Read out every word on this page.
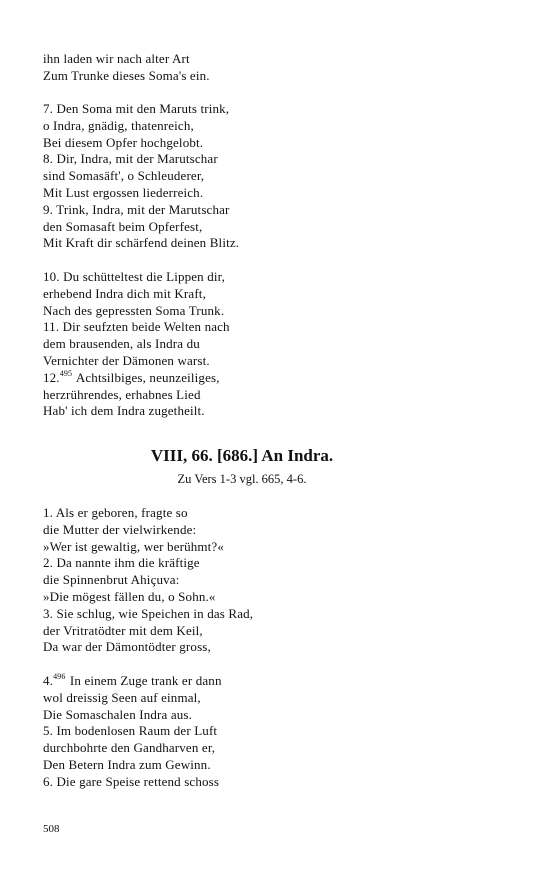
ihn laden wir nach alter Art
Zum Trunke dieses Soma's ein.
7. Den Soma mit den Maruts trink,
o Indra, gnädig, thatenreich,
Bei diesem Opfer hochgelobt.
8. Dir, Indra, mit der Marutschar
sind Somasäft', o Schleuderer,
Mit Lust ergossen liederreich.
9. Trink, Indra, mit der Marutschar
den Somasaft beim Opferfest,
Mit Kraft dir schärfend deinen Blitz.
10. Du schütteltest die Lippen dir,
erhebend Indra dich mit Kraft,
Nach des gepressten Soma Trunk.
11. Dir seufzten beide Welten nach
dem brausenden, als Indra du
Vernichter der Dämonen warst.
12.$^{495}$ Achtsilbiges, neunzeiliges,
herzrührendes, erhabnes Lied
Hab' ich dem Indra zugetheilt.
VIII, 66. [686.] An Indra.
Zu Vers 1-3 vgl. 665, 4-6.
1. Als er geboren, fragte so
die Mutter der vielwirkende:
»Wer ist gewaltig, wer berühmt?«
2. Da nannte ihm die kräftige
die Spinnenbrut Ahiçuva:
»Die mögest fällen du, o Sohn.«
3. Sie schlug, wie Speichen in das Rad,
der Vritratödter mit dem Keil,
Da war der Dämontödter gross,
4.$^{496}$ In einem Zuge trank er dann
wol dreissig Seen auf einmal,
Die Somaschalen Indra aus.
5. Im bodenlosen Raum der Luft
durchbohrte den Gandharven er,
Den Betern Indra zum Gewinn.
6. Die gare Speise rettend schoss
508
